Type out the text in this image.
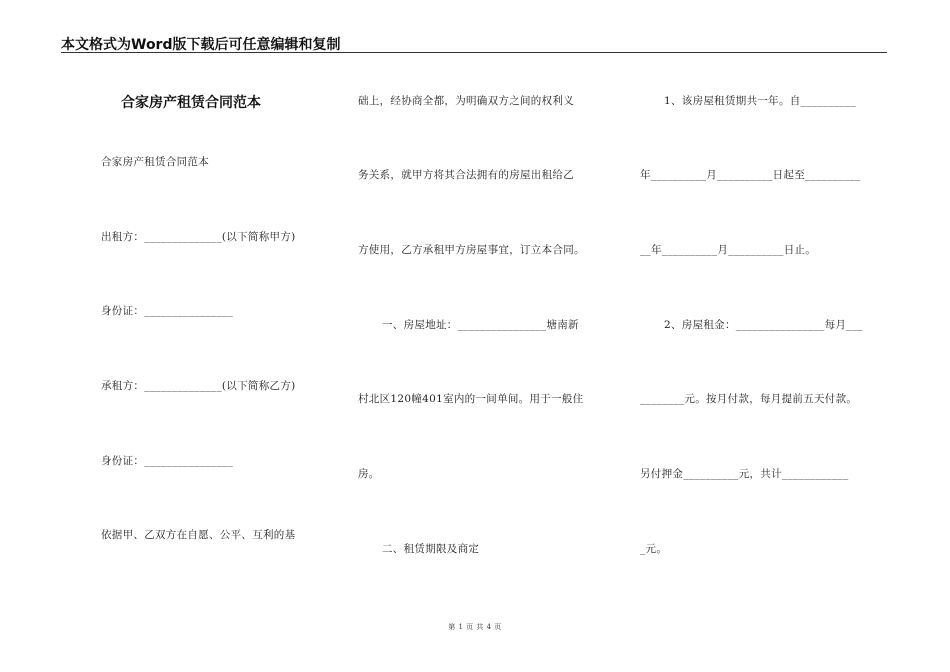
本文格式为Word版下载后可任意编辑和复制
合家房产租赁合同范本
合家房产租赁合同范本
出租方：______________(以下简称甲方)
身份证：________________
承租方：______________(以下简称乙方)
身份证：________________
依据甲、乙双方在自愿、公平、互利的基
础上，经协商全都，为明确双方之间的权利义
务关系，就甲方将其合法拥有的房屋出租给乙
方使用，乙方承租甲方房屋事宜，订立本合同。
一、房屋地址：________________塘南新
村北区120幢401室内的一间单间。用于一般住
房。
二、租赁期限及商定
1、该房屋租赁期共一年。自__________
年__________月__________日起至__________
__年__________月__________日止。
2、房屋租金：________________每月___
________元。按月付款，每月提前五天付款。
另付押金__________元，共计____________
_元。
第 1 页 共 4 页
